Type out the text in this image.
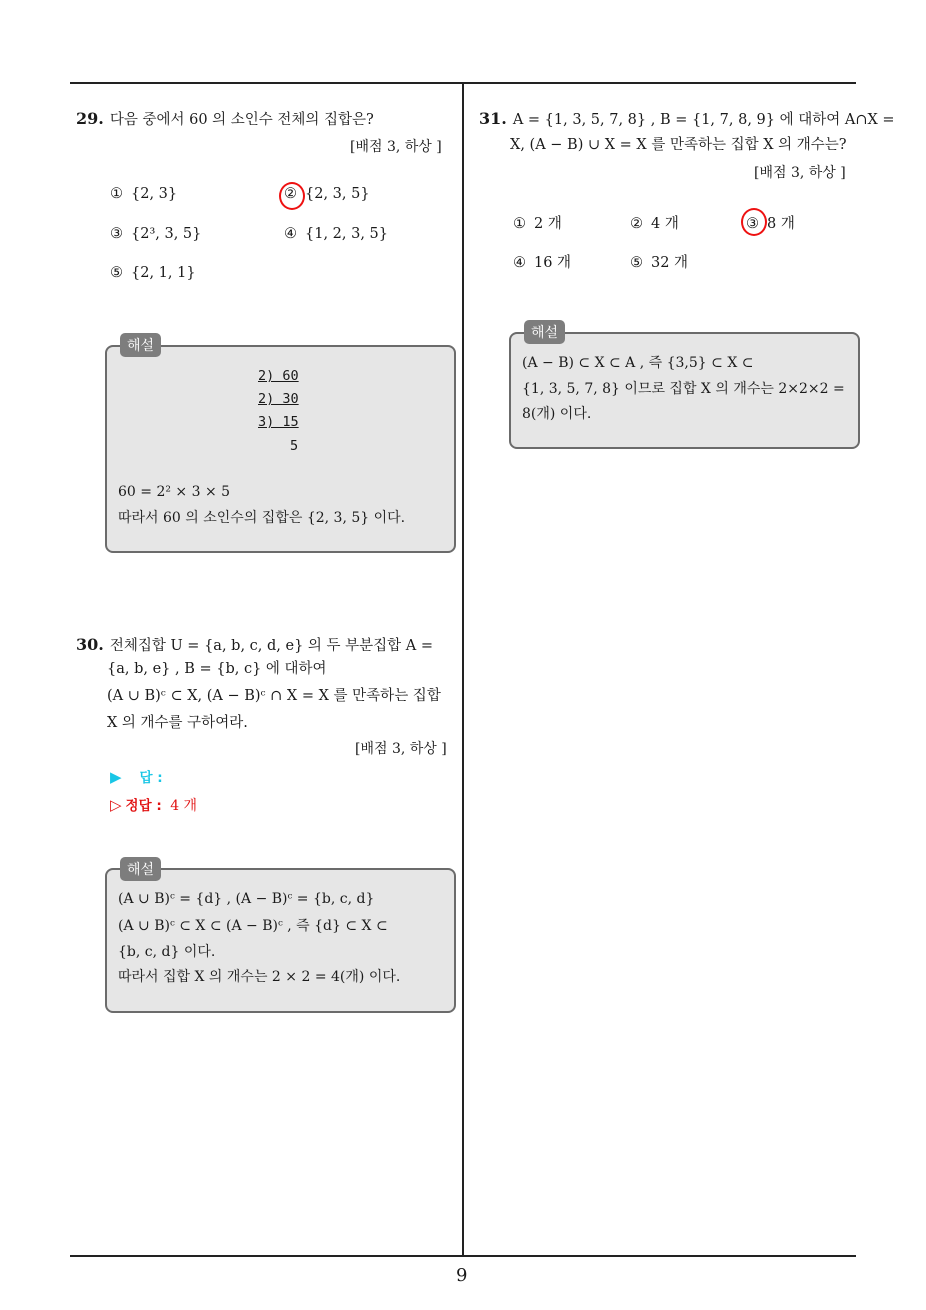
9
29. 다음 중에서 60 의 소인수 전체의 집합은?
[배점 3, 하상 ]
① {2, 3}	② {2, 3, 5}
③ {2³, 3, 5}	④ {1, 2, 3, 5}
⑤ {2, 1, 1}
해설
2) 60
2) 30
3) 15
5
60 = 2² × 3 × 5
따라서 60 의 소인수의 집합은 {2, 3, 5} 이다.
30. 전체집합 U = {a, b, c, d, e} 의 두 부분집합 A =
{a, b, e} , B = {b, c} 에 대하여
(A ∪ B)ᶜ ⊂ X, (A − B)ᶜ ∩ X = X 를 만족하는 집합
X 의 개수를 구하여라.
[배점 3, 하상 ]
▶ 답 :
▷ 정답 : 4 개
해설
(A ∪ B)ᶜ = {d} , (A − B)ᶜ = {b, c, d}
(A ∪ B)ᶜ ⊂ X ⊂ (A − B)ᶜ , 즉 {d} ⊂ X ⊂
{b, c, d} 이다.
따라서 집합 X 의 개수는 2 × 2 = 4(개) 이다.
31. A = {1, 3, 5, 7, 8} , B = {1, 7, 8, 9} 에 대하여 A∩X =
X, (A − B) ∪ X = X 를 만족하는 집합 X 의 개수는?
[배점 3, 하상 ]
① 2 개	② 4 개	③ 8 개
④ 16 개	⑤ 32 개
해설
(A − B) ⊂ X ⊂ A , 즉 {3,5} ⊂ X ⊂
{1, 3, 5, 7, 8} 이므로 집합 X 의 개수는 2×2×2 =
8(개) 이다.
